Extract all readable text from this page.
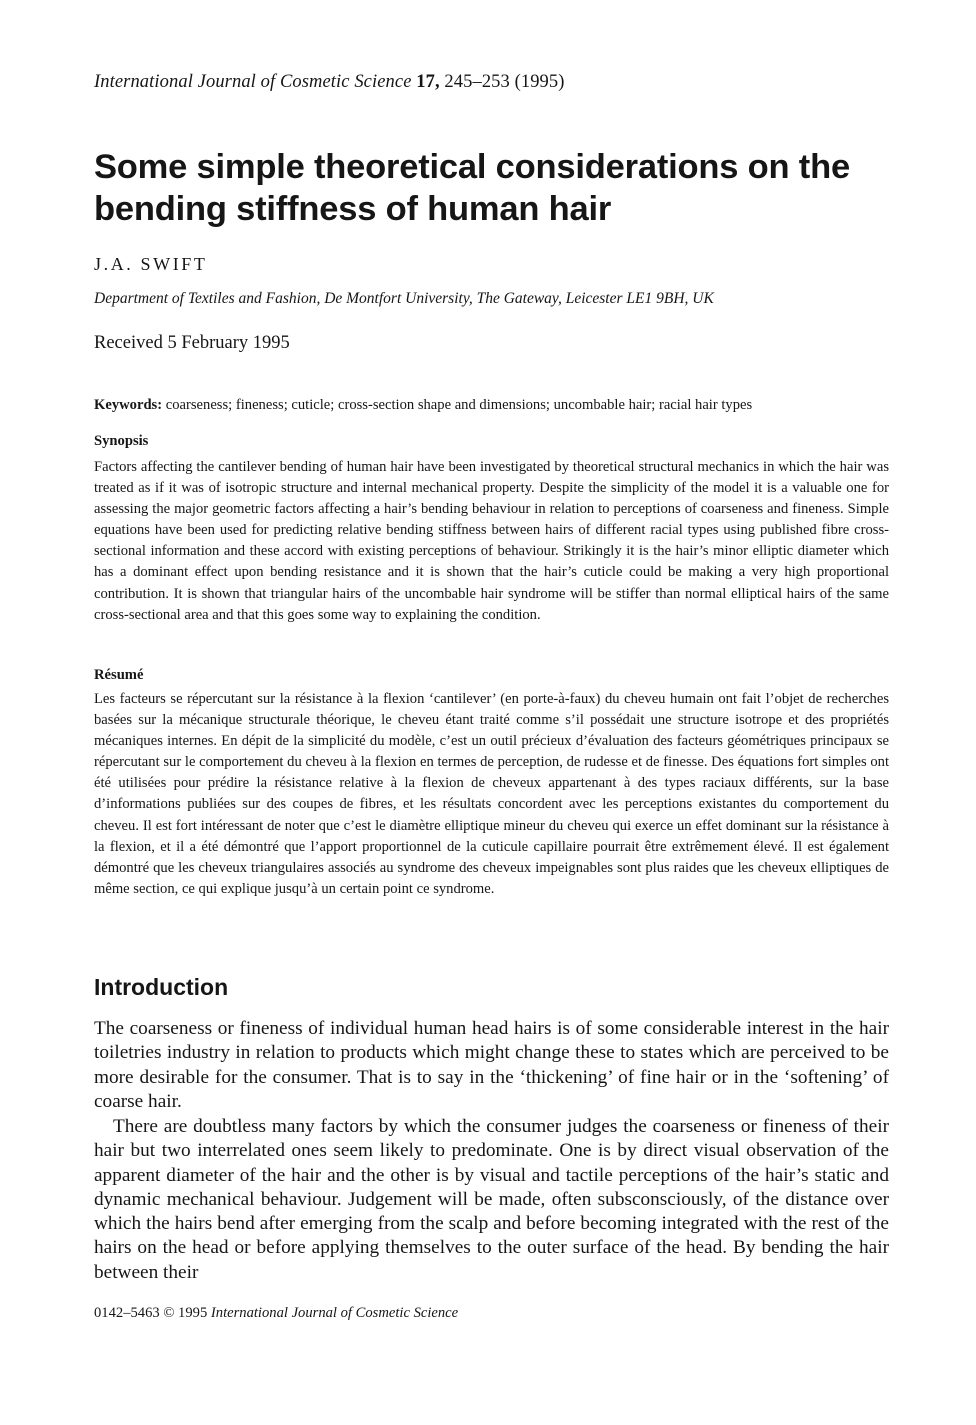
International Journal of Cosmetic Science 17, 245–253 (1995)
Some simple theoretical considerations on the bending stiffness of human hair
J.A. SWIFT
Department of Textiles and Fashion, De Montfort University, The Gateway, Leicester LE1 9BH, UK
Received 5 February 1995
Keywords: coarseness; fineness; cuticle; cross-section shape and dimensions; uncombable hair; racial hair types
Synopsis

Factors affecting the cantilever bending of human hair have been investigated by theoretical structural mechanics in which the hair was treated as if it was of isotropic structure and internal mechanical property. Despite the simplicity of the model it is a valuable one for assessing the major geometric factors affecting a hair’s bending behaviour in relation to perceptions of coarseness and fineness. Simple equations have been used for predicting relative bending stiffness between hairs of different racial types using published fibre cross-sectional information and these accord with existing perceptions of behaviour. Strikingly it is the hair’s minor elliptic diameter which has a dominant effect upon bending resistance and it is shown that the hair’s cuticle could be making a very high proportional contribution. It is shown that triangular hairs of the uncombable hair syndrome will be stiffer than normal elliptical hairs of the same cross-sectional area and that this goes some way to explaining the condition.

Résumé

Les facteurs se répercutant sur la résistance à la flexion ‘cantilever’ (en porte-à-faux) du cheveu humain ont fait l’objet de recherches basées sur la mécanique structurale théorique, le cheveu étant traité comme s’il possédait une structure isotrope et des propriétés mécaniques internes. En dépit de la simplicité du modèle, c’est un outil précieux d’évaluation des facteurs géométriques principaux se répercutant sur le comportement du cheveu à la flexion en termes de perception, de rudesse et de finesse. Des équations fort simples ont été utilisées pour prédire la résistance relative à la flexion de cheveux appartenant à des types raciaux différents, sur la base d’informations publiées sur des coupes de fibres, et les résultats concordent avec les perceptions existantes du comportement du cheveu. Il est fort intéressant de noter que c’est le diamètre elliptique mineur du cheveu qui exerce un effet dominant sur la résistance à la flexion, et il a été démontré que l’apport proportionnel de la cuticule capillaire pourrait être extrêmement élevé. Il est également démontré que les cheveux triangulaires associés au syndrome des cheveux impeignables sont plus raides que les cheveux elliptiques de même section, ce qui explique jusqu’à un certain point ce syndrome.

Introduction

The coarseness or fineness of individual human head hairs is of some considerable interest in the hair toiletries industry in relation to products which might change these to states which are perceived to be more desirable for the consumer. That is to say in the ‘thickening’ of fine hair or in the ‘softening’ of coarse hair.

There are doubtless many factors by which the consumer judges the coarseness or fineness of their hair but two interrelated ones seem likely to predominate. One is by direct visual observation of the apparent diameter of the hair and the other is by visual and tactile perceptions of the hair’s static and dynamic mechanical behaviour. Judgement will be made, often subsconsciously, of the distance over which the hairs bend after emerging from the scalp and before becoming integrated with the rest of the hairs on the head or before applying themselves to the outer surface of the head. By bending the hair between their

0142–5463 © 1995 International Journal of Cosmetic Science
